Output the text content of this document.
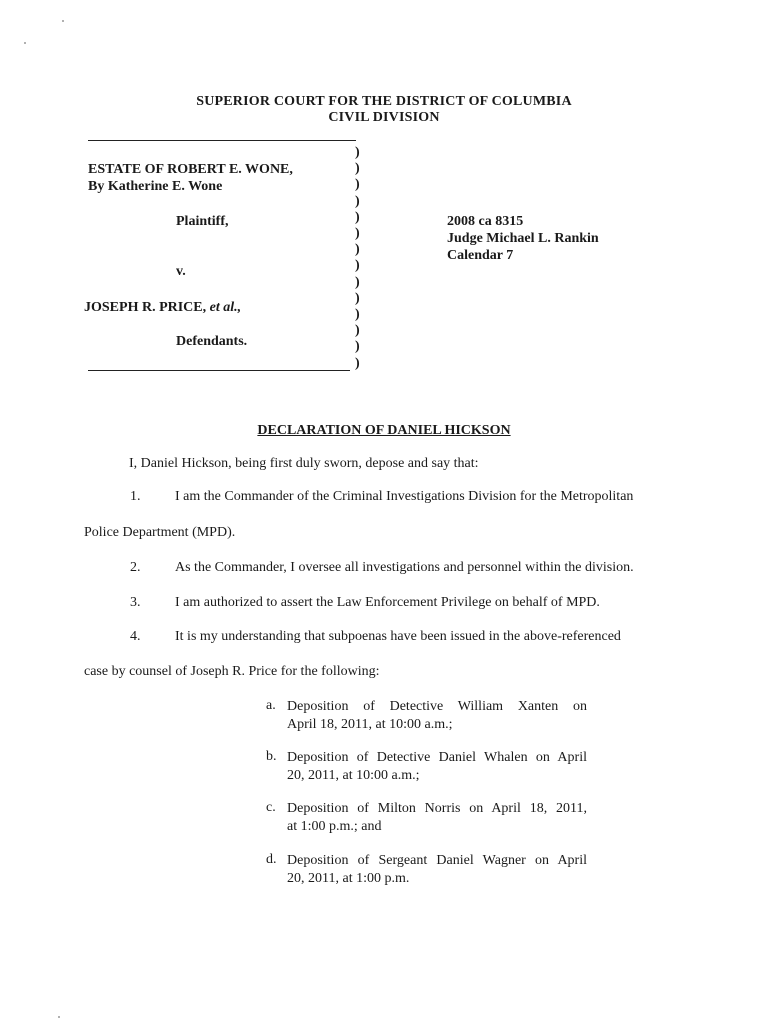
SUPERIOR COURT FOR THE DISTRICT OF COLUMBIA
CIVIL DIVISION
)
)
)
)
)
)
)
)
)
)
)
)
)
)
ESTATE OF ROBERT E. WONE,
By Katherine E. Wone
Plaintiff,
v.
JOSEPH R. PRICE, et al.,
Defendants.
2008 ca 8315
Judge Michael L. Rankin
Calendar 7
DECLARATION OF DANIEL HICKSON
I, Daniel Hickson, being first duly sworn, depose and say that:
1. I am the Commander of the Criminal Investigations Division for the Metropolitan
Police Department (MPD).
2. As the Commander, I oversee all investigations and personnel within the division.
3. I am authorized to assert the Law Enforcement Privilege on behalf of MPD.
4. It is my understanding that subpoenas have been issued in the above-referenced
case by counsel of Joseph R. Price for the following:
a. Deposition of Detective William Xanten on
April 18, 2011, at 10:00 a.m.;
b. Deposition of Detective Daniel Whalen on April
20, 2011, at 10:00 a.m.;
c. Deposition of Milton Norris on April 18, 2011,
at 1:00 p.m.; and
d. Deposition of Sergeant Daniel Wagner on April
20, 2011, at 1:00 p.m.
